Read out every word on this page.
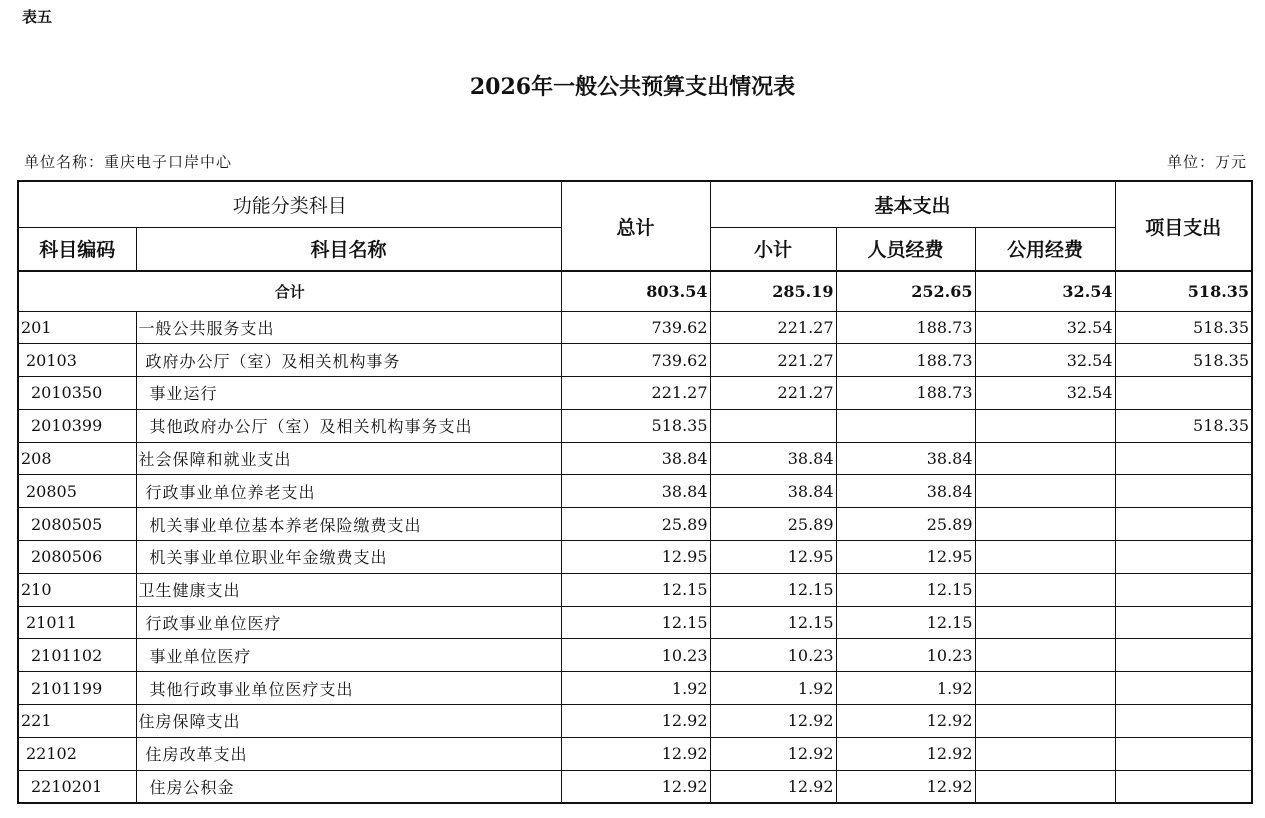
表五
2026年一般公共预算支出情况表
单位名称：重庆电子口岸中心	单位：万元
功能分类科目		总计	基本支出			项目支出
科目编码	科目名称		小计	人员经费	公用经费	
合计		803.54	285.19	252.65	32.54	518.35
201	一般公共服务支出	739.62	221.27	188.73	32.54	518.35
20103	政府办公厅（室）及相关机构事务	739.62	221.27	188.73	32.54	518.35
2010350	事业运行	221.27	221.27	188.73	32.54	
2010399	其他政府办公厅（室）及相关机构事务支出	518.35				518.35
208	社会保障和就业支出	38.84	38.84	38.84		
20805	行政事业单位养老支出	38.84	38.84	38.84		
2080505	机关事业单位基本养老保险缴费支出	25.89	25.89	25.89		
2080506	机关事业单位职业年金缴费支出	12.95	12.95	12.95		
210	卫生健康支出	12.15	12.15	12.15		
21011	行政事业单位医疗	12.15	12.15	12.15		
2101102	事业单位医疗	10.23	10.23	10.23		
2101199	其他行政事业单位医疗支出	1.92	1.92	1.92		
221	住房保障支出	12.92	12.92	12.92		
22102	住房改革支出	12.92	12.92	12.92		
2210201	住房公积金	12.92	12.92	12.92		
